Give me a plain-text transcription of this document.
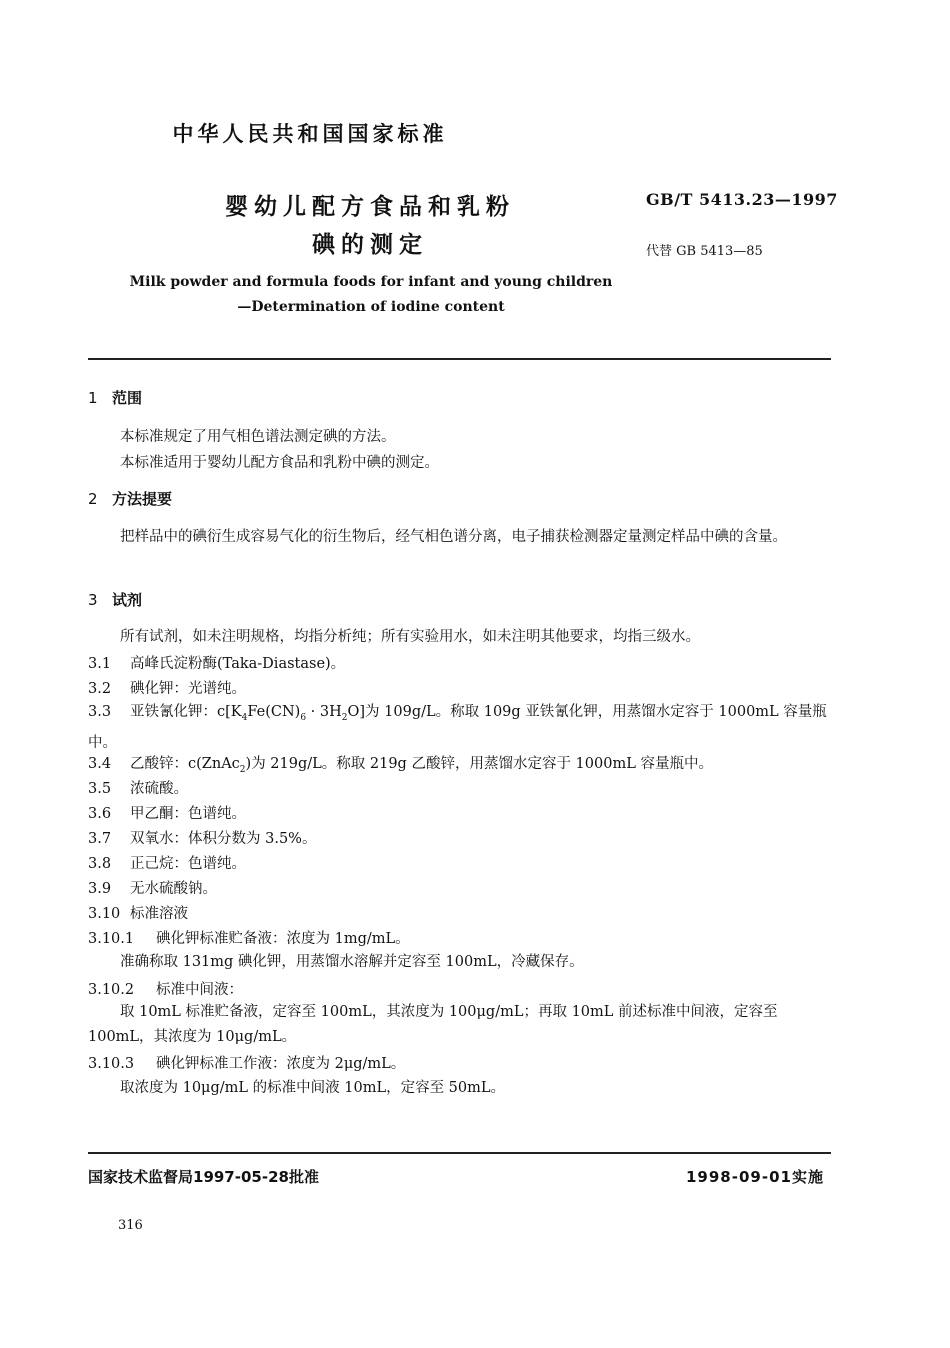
中华人民共和国国家标准
婴幼儿配方食品和乳粉
碘的测定
GB/T 5413.23—1997
代替 GB 5413—85
Milk powder and formula foods for infant and young children
—Determination of iodine content
1 范围
本标准规定了用气相色谱法测定碘的方法。
本标准适用于婴幼儿配方食品和乳粉中碘的测定。
2 方法提要
把样品中的碘衍生成容易气化的衍生物后，经气相色谱分离，电子捕获检测器定量测定样品中碘的含量。
3 试剂
所有试剂，如未注明规格，均指分析纯；所有实验用水，如未注明其他要求，均指三级水。
3.1 高峰氏淀粉酶(Taka-Diastase)。
3.2 碘化钾：光谱纯。
3.3 亚铁氰化钾：$c[K_4Fe(CN)_6 \cdot 3H_2O]$为 109g/L。称取 109g 亚铁氰化钾，用蒸馏水定容于 1000mL 容量瓶中。
3.4 乙酸锌：c(ZnAc$_2$)为 219g/L。称取 219g 乙酸锌，用蒸馏水定容于 1000mL 容量瓶中。
3.5 浓硫酸。
3.6 甲乙酮：色谱纯。
3.7 双氧水：体积分数为 3.5%。
3.8 正己烷：色谱纯。
3.9 无水硫酸钠。
3.10 标准溶液
3.10.1 碘化钾标准贮备液：浓度为 1mg/mL。
准确称取 131mg 碘化钾，用蒸馏水溶解并定容至 100mL，冷藏保存。
3.10.2 标准中间液：
取 10mL 标准贮备液，定容至 100mL，其浓度为 100μg/mL；再取 10mL 前述标准中间液，定容至 100mL，其浓度为 10μg/mL。
3.10.3 碘化钾标准工作液：浓度为 2μg/mL。
取浓度为 10μg/mL 的标准中间液 10mL，定容至 50mL。
国家技术监督局1997-05-28批准	1998-09-01实施
316
